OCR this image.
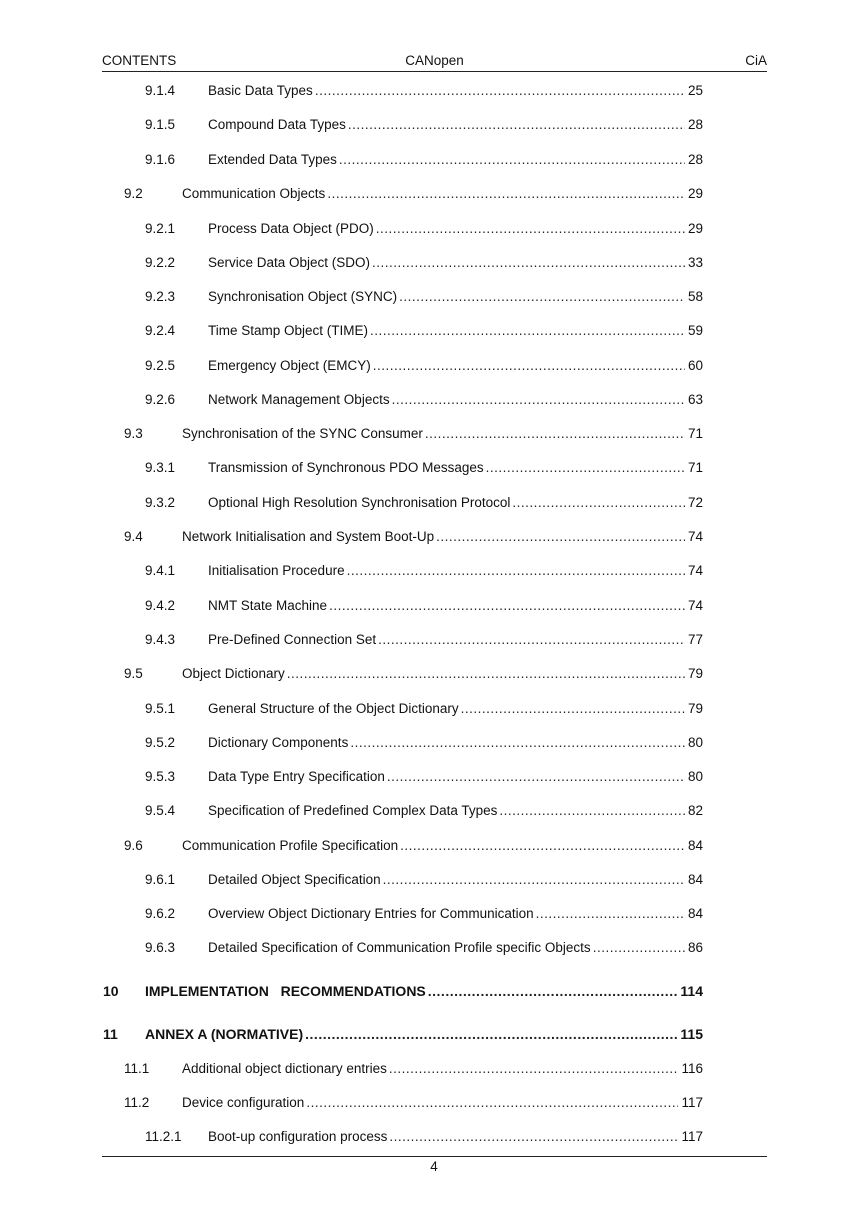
CONTENTS	CANopen	CiA
9.1.4 Basic Data Types .....	25
9.1.5 Compound Data Types .....	28
9.1.6 Extended Data Types .....	28
9.2	Communication Objects .....	29
9.2.1 Process Data Object (PDO) .....	29
9.2.2 Service Data Object (SDO) .....	33
9.2.3 Synchronisation Object (SYNC) .....	58
9.2.4 Time Stamp Object (TIME) .....	59
9.2.5 Emergency Object (EMCY) .....	60
9.2.6 Network Management Objects .....	63
9.3	Synchronisation of the SYNC Consumer .....	71
9.3.1 Transmission of Synchronous PDO Messages .....	71
9.3.2 Optional High Resolution Synchronisation Protocol .....	72
9.4	Network Initialisation and System Boot-Up .....	74
9.4.1 Initialisation Procedure .....	74
9.4.2 NMT State Machine .....	74
9.4.3 Pre-Defined Connection Set .....	77
9.5	Object Dictionary .....	79
9.5.1 General Structure of the Object Dictionary .....	79
9.5.2 Dictionary Components .....	80
9.5.3 Data Type Entry Specification .....	80
9.5.4 Specification of Predefined Complex Data Types .....	82
9.6	Communication Profile Specification .....	84
9.6.1 Detailed Object Specification .....	84
9.6.2 Overview Object Dictionary Entries for Communication .....	84
9.6.3 Detailed Specification of Communication Profile specific Objects .....	86
10 IMPLEMENTATION   RECOMMENDATIONS .....	114
11 ANNEX A (NORMATIVE) .....	115
11.1 Additional object dictionary entries .....	116
11.2 Device configuration .....	117
11.2.1 Boot-up configuration process .....	117
4
